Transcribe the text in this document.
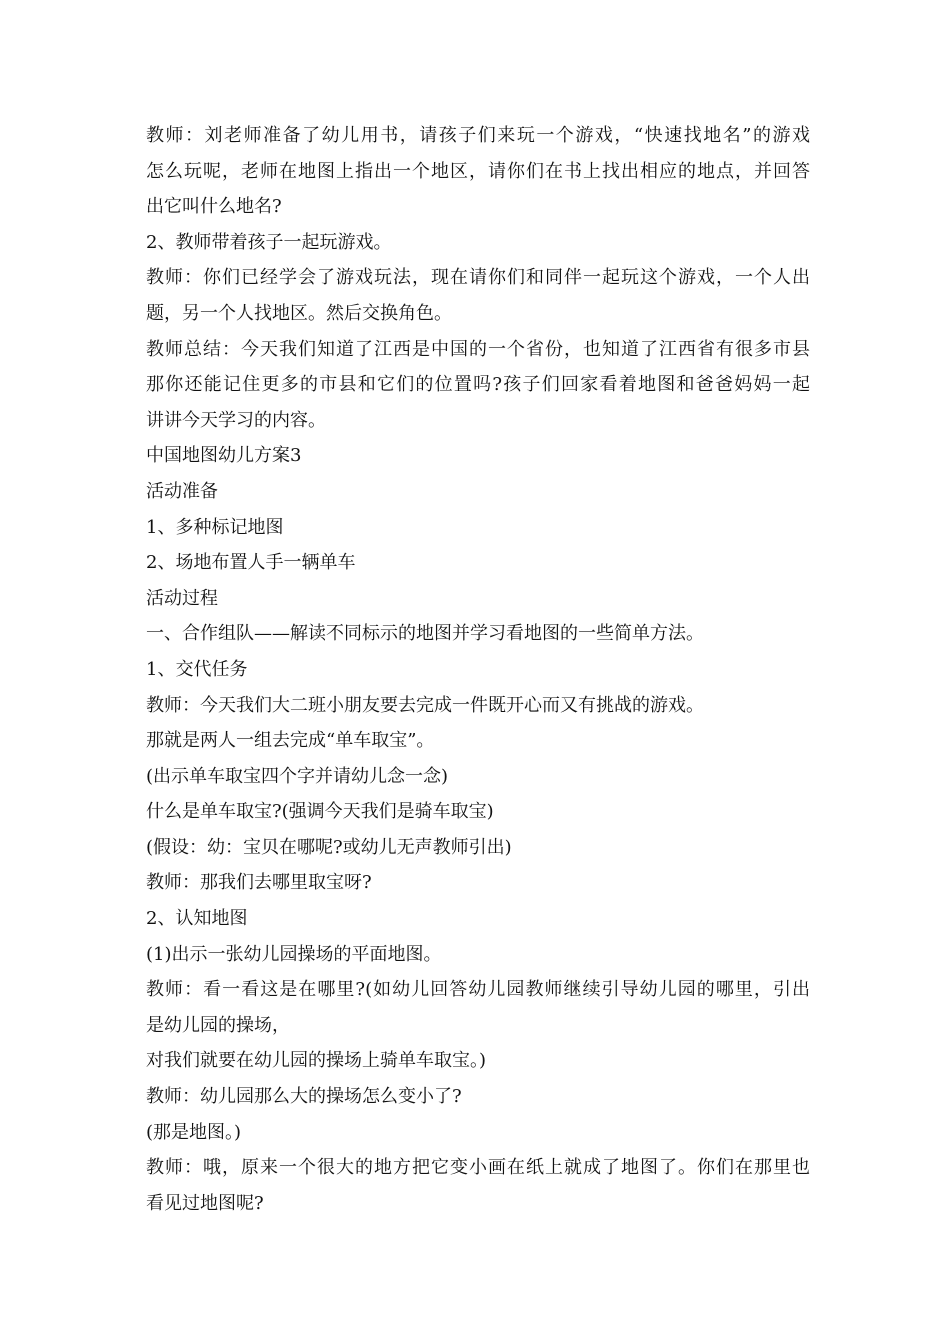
教师：刘老师准备了幼儿用书，请孩子们来玩一个游戏，“快速找地名”的游戏

怎么玩呢，老师在地图上指出一个地区，请你们在书上找出相应的地点，并回答

出它叫什么地名?

2、教师带着孩子一起玩游戏。

教师：你们已经学会了游戏玩法，现在请你们和同伴一起玩这个游戏，一个人出

题，另一个人找地区。然后交换角色。

教师总结：今天我们知道了江西是中国的一个省份，也知道了江西省有很多市县

那你还能记住更多的市县和它们的位置吗?孩子们回家看着地图和爸爸妈妈一起

讲讲今天学习的内容。

中国地图幼儿方案3

活动准备

1、多种标记地图

2、场地布置人手一辆单车

活动过程

一、合作组队——解读不同标示的地图并学习看地图的一些简单方法。

1、交代任务

教师：今天我们大二班小朋友要去完成一件既开心而又有挑战的游戏。

那就是两人一组去完成“单车取宝”。

(出示单车取宝四个字并请幼儿念一念)

什么是单车取宝?(强调今天我们是骑车取宝)

(假设：幼：宝贝在哪呢?或幼儿无声教师引出)

教师：那我们去哪里取宝呀?

2、认知地图

(1)出示一张幼儿园操场的平面地图。

教师：看一看这是在哪里?(如幼儿回答幼儿园教师继续引导幼儿园的哪里，引出

是幼儿园的操场，

对我们就要在幼儿园的操场上骑单车取宝。)

教师：幼儿园那么大的操场怎么变小了?

(那是地图。)

教师：哦，原来一个很大的地方把它变小画在纸上就成了地图了。你们在那里也

看见过地图呢?
